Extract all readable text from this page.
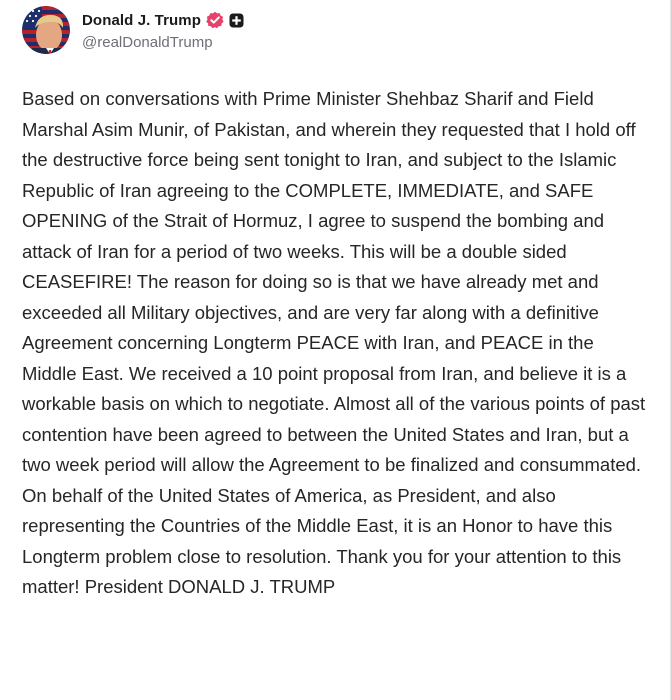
Donald J. Trump
@realDonaldTrump
Based on conversations with Prime Minister Shehbaz Sharif and Field Marshal Asim Munir, of Pakistan, and wherein they requested that I hold off the destructive force being sent tonight to Iran, and subject to the Islamic Republic of Iran agreeing to the COMPLETE, IMMEDIATE, and SAFE OPENING of the Strait of Hormuz, I agree to suspend the bombing and attack of Iran for a period of two weeks. This will be a double sided CEASEFIRE! The reason for doing so is that we have already met and exceeded all Military objectives, and are very far along with a definitive Agreement concerning Longterm PEACE with Iran, and PEACE in the Middle East. We received a 10 point proposal from Iran, and believe it is a workable basis on which to negotiate. Almost all of the various points of past contention have been agreed to between the United States and Iran, but a two week period will allow the Agreement to be finalized and consummated. On behalf of the United States of America, as President, and also representing the Countries of the Middle East, it is an Honor to have this Longterm problem close to resolution. Thank you for your attention to this matter! President DONALD J. TRUMP
